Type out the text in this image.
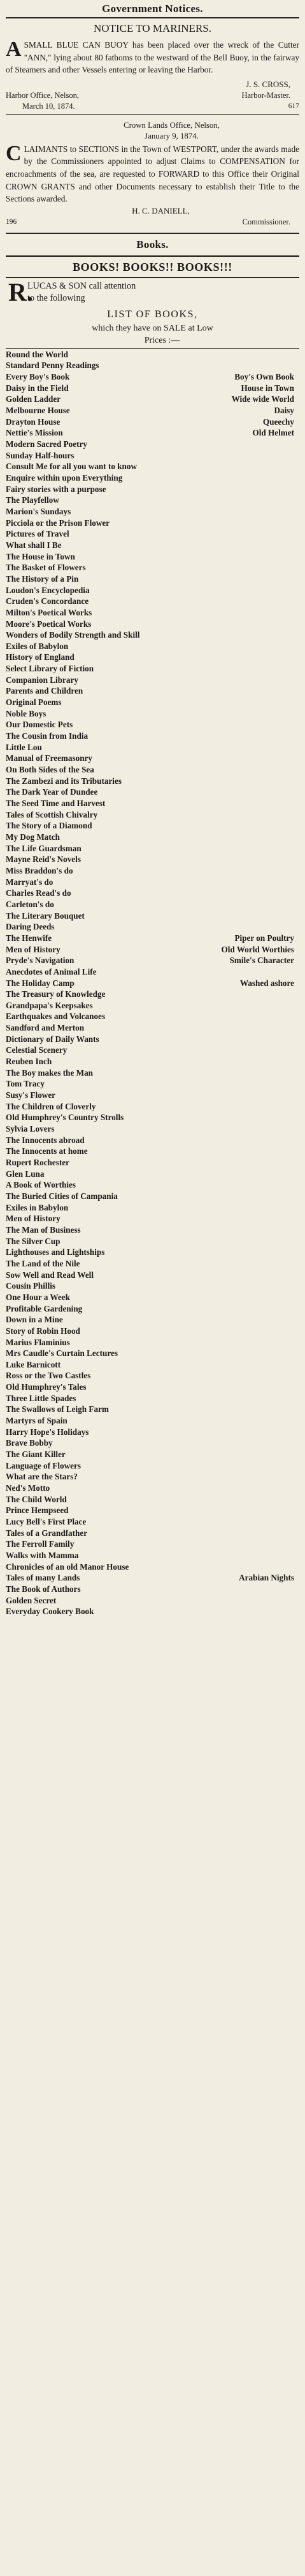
Government Notices.
NOTICE TO MARINERS.
A SMALL BLUE CAN BUOY has been placed over the wreck of the Cutter "ANN," lying about 80 fathoms to the westward of the Bell Buoy, in the fairway of Steamers and other Vessels entering or leaving the Harbor.
J. S. CROSS,
Harbor Office, Nelson,	Harbor-Master.
March 10, 1874.	617
Crown Lands Office, Nelson,
January 9, 1874.
C LAIMANTS to SECTIONS in the Town of WESTPORT, under the awards made by the Commissioners appointed to adjust Claims to COMPENSATION for encroachments of the sea, are requested to FORWARD to this Office their Original CROWN GRANTS and other Documents necessary to establish their Title to the Sections awarded.
H. C. DANIELL,
196	Commissioner.
Books.
BOOKS! BOOKS!! BOOKS!!!
R.
LUCAS & SON call attention
to the following
LIST OF BOOKS,
which they have on SALE at Low
Prices :—
Round the World
Standard Penny Readings
Every Boy's Book	Boy's Own Book
Daisy in the Field	House in Town
Golden Ladder	Wide wide World
Melbourne House	Daisy
Drayton House	Queechy
Nettie's Mission	Old Helmet
Modern Sacred Poetry
Sunday Half-hours
Consult Me for all you want to know
Enquire within upon Everything
Fairy stories with a purpose
The Playfellow
Marion's Sundays
Picciola or the Prison Flower
Pictures of Travel
What shall I Be
The House in Town
The Basket of Flowers
The History of a Pin
Loudon's Encyclopedia
Cruden's Concordance
Milton's Poetical Works
Moore's Poetical Works
Wonders of Bodily Strength and Skill
Exiles of Babylon
History of England
Select Library of Fiction
Companion Library
Parents and Children
Original Poems
Noble Boys
Our Domestic Pets
The Cousin from India
Little Lou
Manual of Freemasonry
On Both Sides of the Sea
The Zambezi and its Tributaries
The Dark Year of Dundee
The Seed Time and Harvest
Tales of Scottish Chivalry
The Story of a Diamond
My Dog Match
The Life Guardsman
Mayne Reid's Novels
Miss Braddon's do
Marryat's do
Charles Read's do
Carleton's do
The Literary Bouquet
Daring Deeds
The Henwife	Piper on Poultry
Men of History	Old World Worthies
Pryde's Navigation	Smile's Character
Anecdotes of Animal Life
The Holiday Camp	Washed ashore
The Treasury of Knowledge
Grandpapa's Keepsakes
Earthquakes and Volcanoes
Sandford and Merton
Dictionary of Daily Wants
Celestial Scenery
Reuben Inch
The Boy makes the Man
Tom Tracy
Susy's Flower
The Children of Cloverly
Old Humphrey's Country Strolls
Sylvia Lovers
The Innocents abroad
The Innocents at home
Rupert Rochester
Glen Luna
A Book of Worthies
The Buried Cities of Campania
Exiles in Babylon
Men of History
The Man of Business
The Silver Cup
Lighthouses and Lightships
The Land of the Nile
Sow Well and Read Well
Cousin Phillis
One Hour a Week
Profitable Gardening
Down in a Mine
Story of Robin Hood
Marius Flaminius
Mrs Caudle's Curtain Lectures
Luke Barnicott
Ross or the Two Castles
Old Humphrey's Tales
Three Little Spades
The Swallows of Leigh Farm
Martyrs of Spain
Harry Hope's Holidays
Brave Bobby
The Giant Killer
Language of Flowers
What are the Stars?
Ned's Motto
The Child World
Prince Hempseed
Lucy Bell's First Place
Tales of a Grandfather
The Ferroll Family
Walks with Mamma
Chronicles of an old Manor House
Tales of many Lands	Arabian Nights
The Book of Authors
Golden Secret
Everyday Cookery Book
